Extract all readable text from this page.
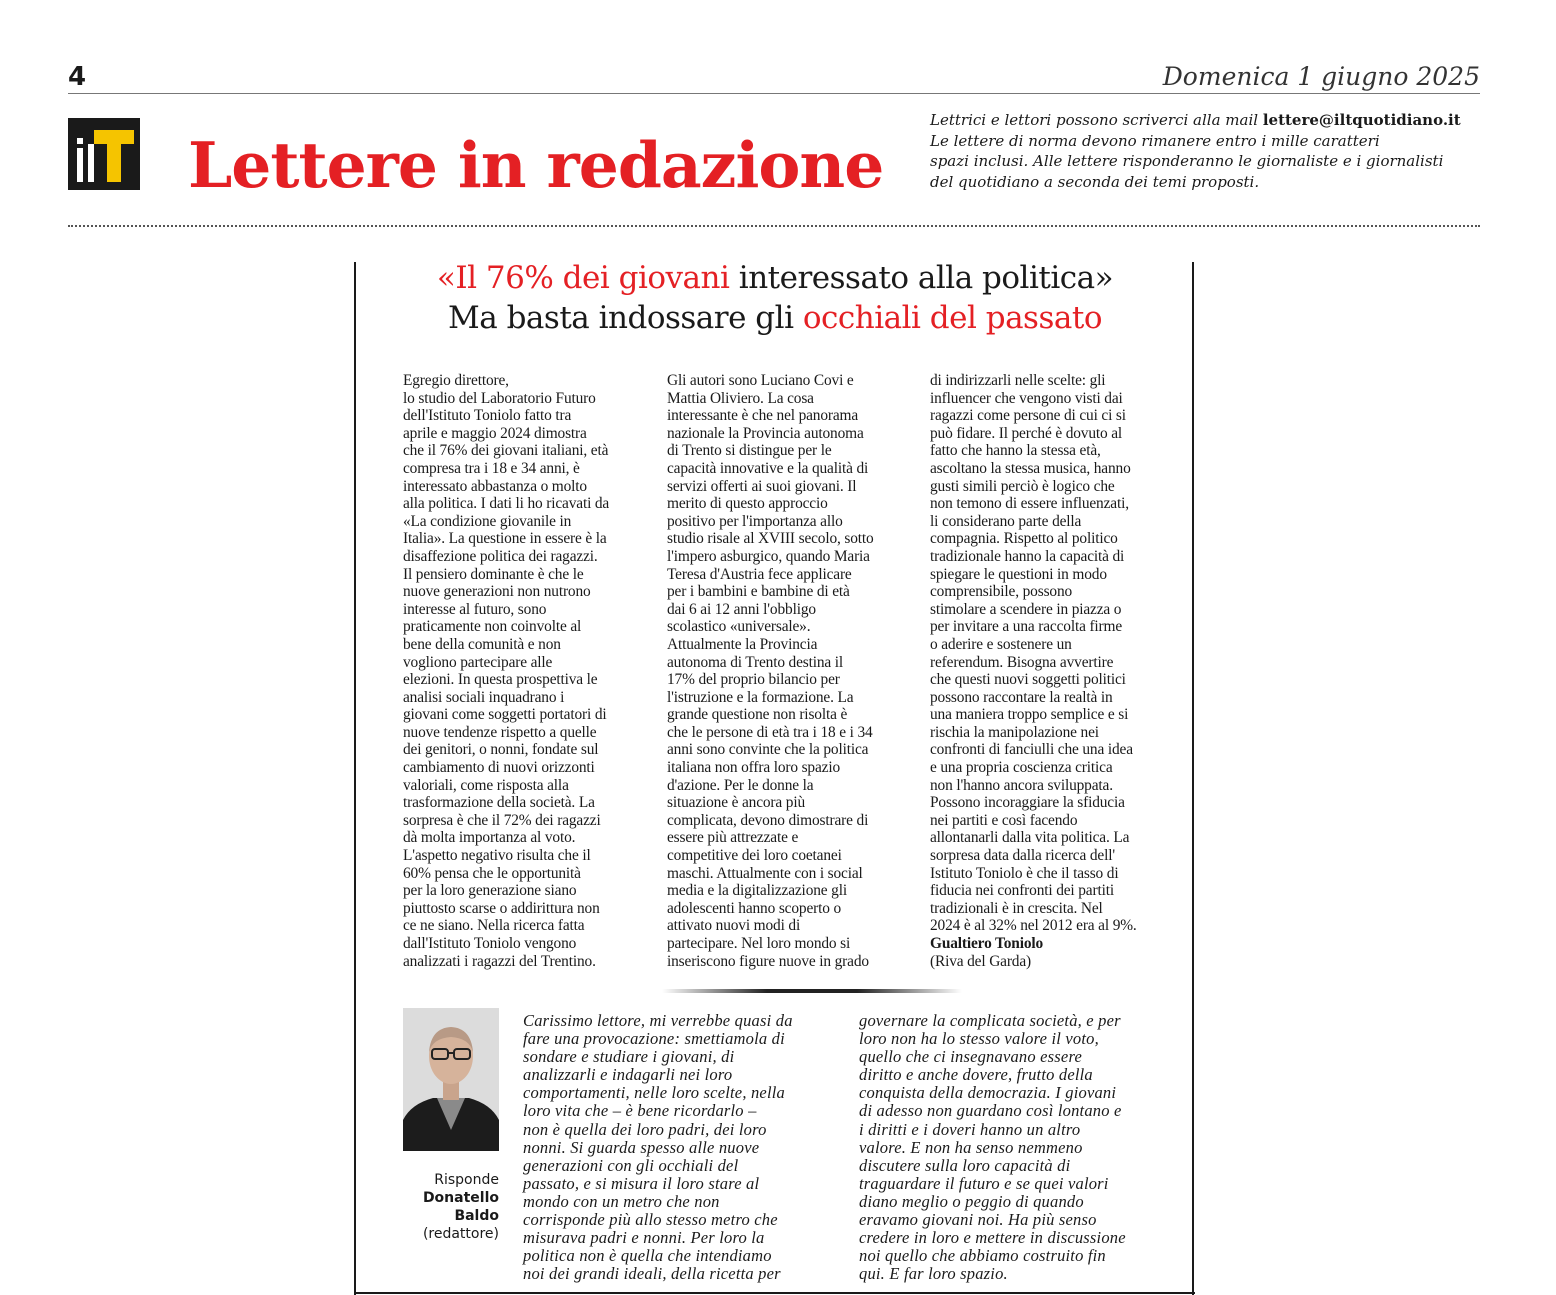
4	Domenica 1 giugno 2025
Lettere in redazione
Lettrici e lettori possono scriverci alla mail lettere@iltquotidiano.it
Le lettere di norma devono rimanere entro i mille caratteri
spazi inclusi. Alle lettere risponderanno le giornaliste e i giornalisti
del quotidiano a seconda dei temi proposti.
«Il 76% dei giovani interessato alla politica»
Ma basta indossare gli occhiali del passato
Egregio direttore,
lo studio del Laboratorio Futuro
dell'Istituto Toniolo fatto tra
aprile e maggio 2024 dimostra
che il 76% dei giovani italiani, età
compresa tra i 18 e 34 anni, è
interessato abbastanza o molto
alla politica. I dati li ho ricavati da
«La condizione giovanile in
Italia». La questione in essere è la
disaffezione politica dei ragazzi.
Il pensiero dominante è che le
nuove generazioni non nutrono
interesse al futuro, sono
praticamente non coinvolte al
bene della comunità e non
vogliono partecipare alle
elezioni. In questa prospettiva le
analisi sociali inquadrano i
giovani come soggetti portatori di
nuove tendenze rispetto a quelle
dei genitori, o nonni, fondate sul
cambiamento di nuovi orizzonti
valoriali, come risposta alla
trasformazione della società. La
sorpresa è che il 72% dei ragazzi
dà molta importanza al voto.
L'aspetto negativo risulta che il
60% pensa che le opportunità
per la loro generazione siano
piuttosto scarse o addirittura non
ce ne siano. Nella ricerca fatta
dall'Istituto Toniolo vengono
analizzati i ragazzi del Trentino.
Gli autori sono Luciano Covi e
Mattia Oliviero. La cosa
interessante è che nel panorama
nazionale la Provincia autonoma
di Trento si distingue per le
capacità innovative e la qualità di
servizi offerti ai suoi giovani. Il
merito di questo approccio
positivo per l'importanza allo
studio risale al XVIII secolo, sotto
l'impero asburgico, quando Maria
Teresa d'Austria fece applicare
per i bambini e bambine di età
dai 6 ai 12 anni l'obbligo
scolastico «universale».
Attualmente la Provincia
autonoma di Trento destina il
17% del proprio bilancio per
l'istruzione e la formazione. La
grande questione non risolta è
che le persone di età tra i 18 e i 34
anni sono convinte che la politica
italiana non offra loro spazio
d'azione. Per le donne la
situazione è ancora più
complicata, devono dimostrare di
essere più attrezzate e
competitive dei loro coetanei
maschi. Attualmente con i social
media e la digitalizzazione gli
adolescenti hanno scoperto o
attivato nuovi modi di
partecipare. Nel loro mondo si
inseriscono figure nuove in grado
di indirizzarli nelle scelte: gli
influencer che vengono visti dai
ragazzi come persone di cui ci si
può fidare. Il perché è dovuto al
fatto che hanno la stessa età,
ascoltano la stessa musica, hanno
gusti simili perciò è logico che
non temono di essere influenzati,
li considerano parte della
compagnia. Rispetto al politico
tradizionale hanno la capacità di
spiegare le questioni in modo
comprensibile, possono
stimolare a scendere in piazza o
per invitare a una raccolta firme
o aderire e sostenere un
referendum. Bisogna avvertire
che questi nuovi soggetti politici
possono raccontare la realtà in
una maniera troppo semplice e si
rischia la manipolazione nei
confronti di fanciulli che una idea
e una propria coscienza critica
non l'hanno ancora sviluppata.
Possono incoraggiare la sfiducia
nei partiti e così facendo
allontanarli dalla vita politica. La
sorpresa data dalla ricerca dell'
Istituto Toniolo è che il tasso di
fiducia nei confronti dei partiti
tradizionali è in crescita. Nel
2024 è al 32% nel 2012 era al 9%.
Gualtiero Toniolo
(Riva del Garda)
Risponde
Donatello
Baldo
(redattore)
Carissimo lettore, mi verrebbe quasi da
fare una provocazione: smettiamola di
sondare e studiare i giovani, di
analizzarli e indagarli nei loro
comportamenti, nelle loro scelte, nella
loro vita che – è bene ricordarlo –
non è quella dei loro padri, dei loro
nonni. Si guarda spesso alle nuove
generazioni con gli occhiali del
passato, e si misura il loro stare al
mondo con un metro che non
corrisponde più allo stesso metro che
misurava padri e nonni. Per loro la
politica non è quella che intendiamo
noi dei grandi ideali, della ricetta per
governare la complicata società, e per
loro non ha lo stesso valore il voto,
quello che ci insegnavano essere
diritto e anche dovere, frutto della
conquista della democrazia. I giovani
di adesso non guardano così lontano e
i diritti e i doveri hanno un altro
valore. E non ha senso nemmeno
discutere sulla loro capacità di
traguardare il futuro e se quei valori
diano meglio o peggio di quando
eravamo giovani noi. Ha più senso
credere in loro e mettere in discussione
noi quello che abbiamo costruito fin
qui. E far loro spazio.
